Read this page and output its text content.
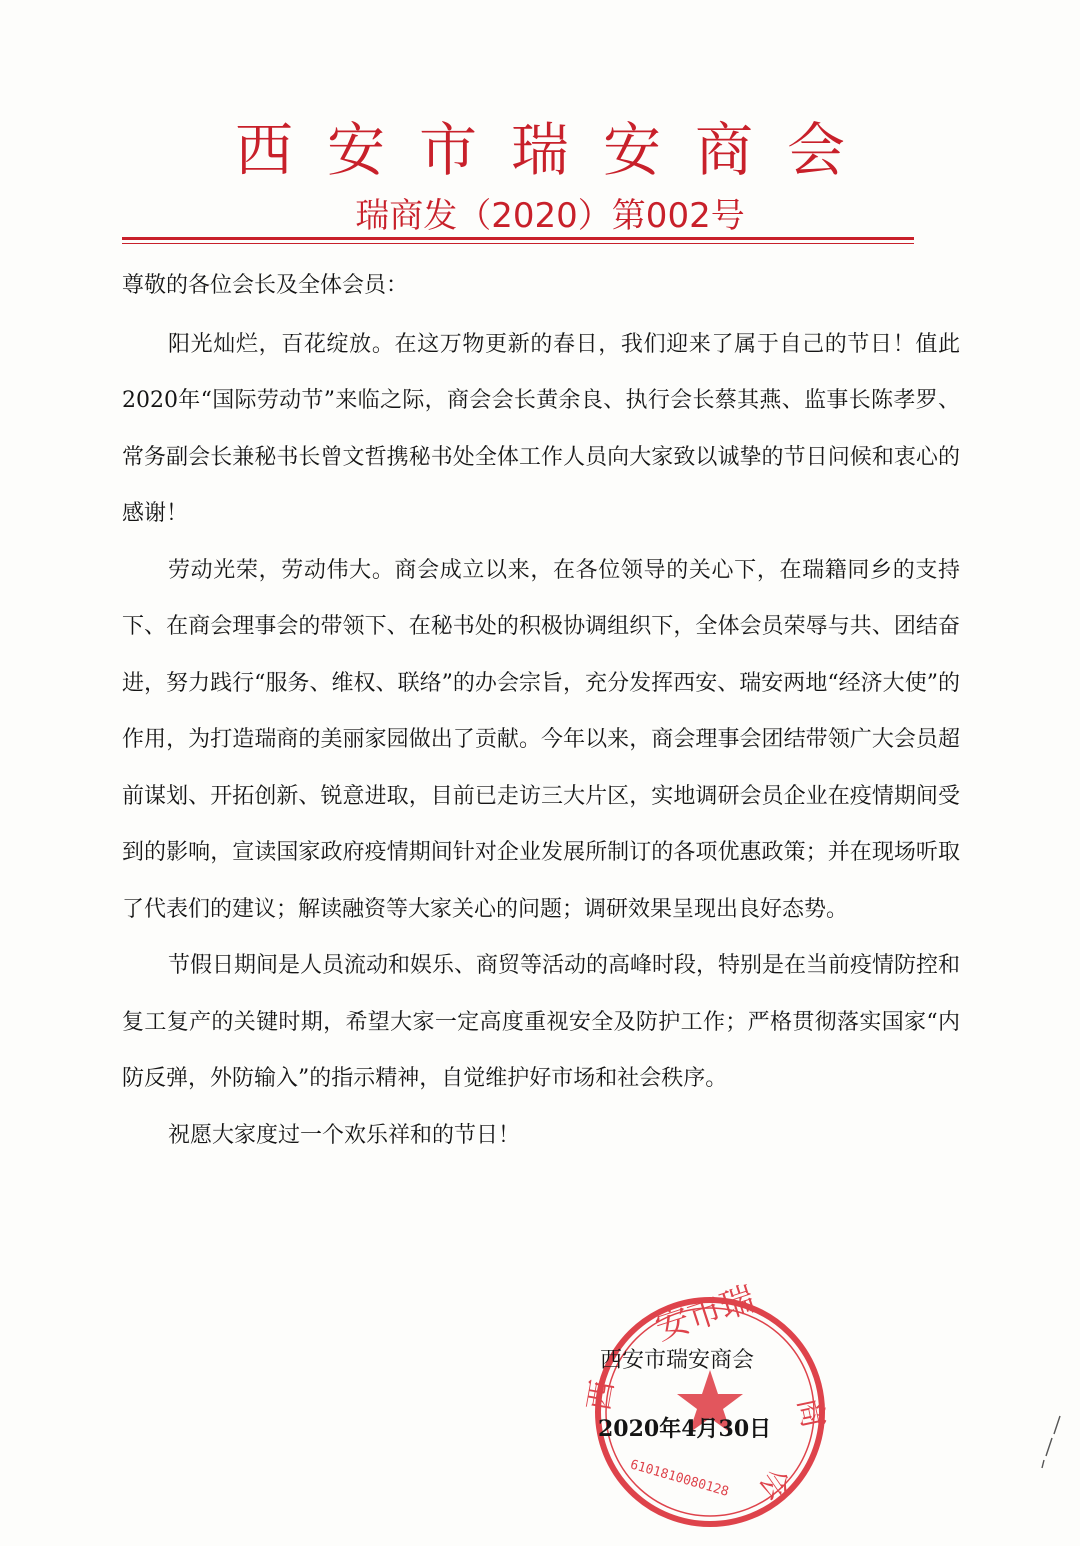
西安市瑞安商会
瑞商发（2020）第002号

尊敬的各位会长及全体会员：

阳光灿烂，百花绽放。在这万物更新的春日，我们迎来了属于自己的节日！值此2020年“国际劳动节”来临之际，商会会长黄余良、执行会长蔡其燕、监事长陈孝罗、常务副会长兼秘书长曾文哲携秘书处全体工作人员向大家致以诚挚的节日问候和衷心的感谢！

劳动光荣，劳动伟大。商会成立以来，在各位领导的关心下，在瑞籍同乡的支持下、在商会理事会的带领下、在秘书处的积极协调组织下，全体会员荣辱与共、团结奋进，努力践行“服务、维权、联络”的办会宗旨，充分发挥西安、瑞安两地“经济大使”的作用，为打造瑞商的美丽家园做出了贡献。今年以来，商会理事会团结带领广大会员超前谋划、开拓创新、锐意进取，目前已走访三大片区，实地调研会员企业在疫情期间受到的影响，宣读国家政府疫情期间针对企业发展所制订的各项优惠政策；并在现场听取了代表们的建议；解读融资等大家关心的问题；调研效果呈现出良好态势。

节假日期间是人员流动和娱乐、商贸等活动的高峰时段，特别是在当前疫情防控和复工复产的关键时期，希望大家一定高度重视安全及防护工作；严格贯彻落实国家“内防反弹，外防输入”的指示精神，自觉维护好市场和社会秩序。

祝愿大家度过一个欢乐祥和的节日！

安市瑞
西	商
会
6101810080128
西安市瑞安商会
2020年4月30日
